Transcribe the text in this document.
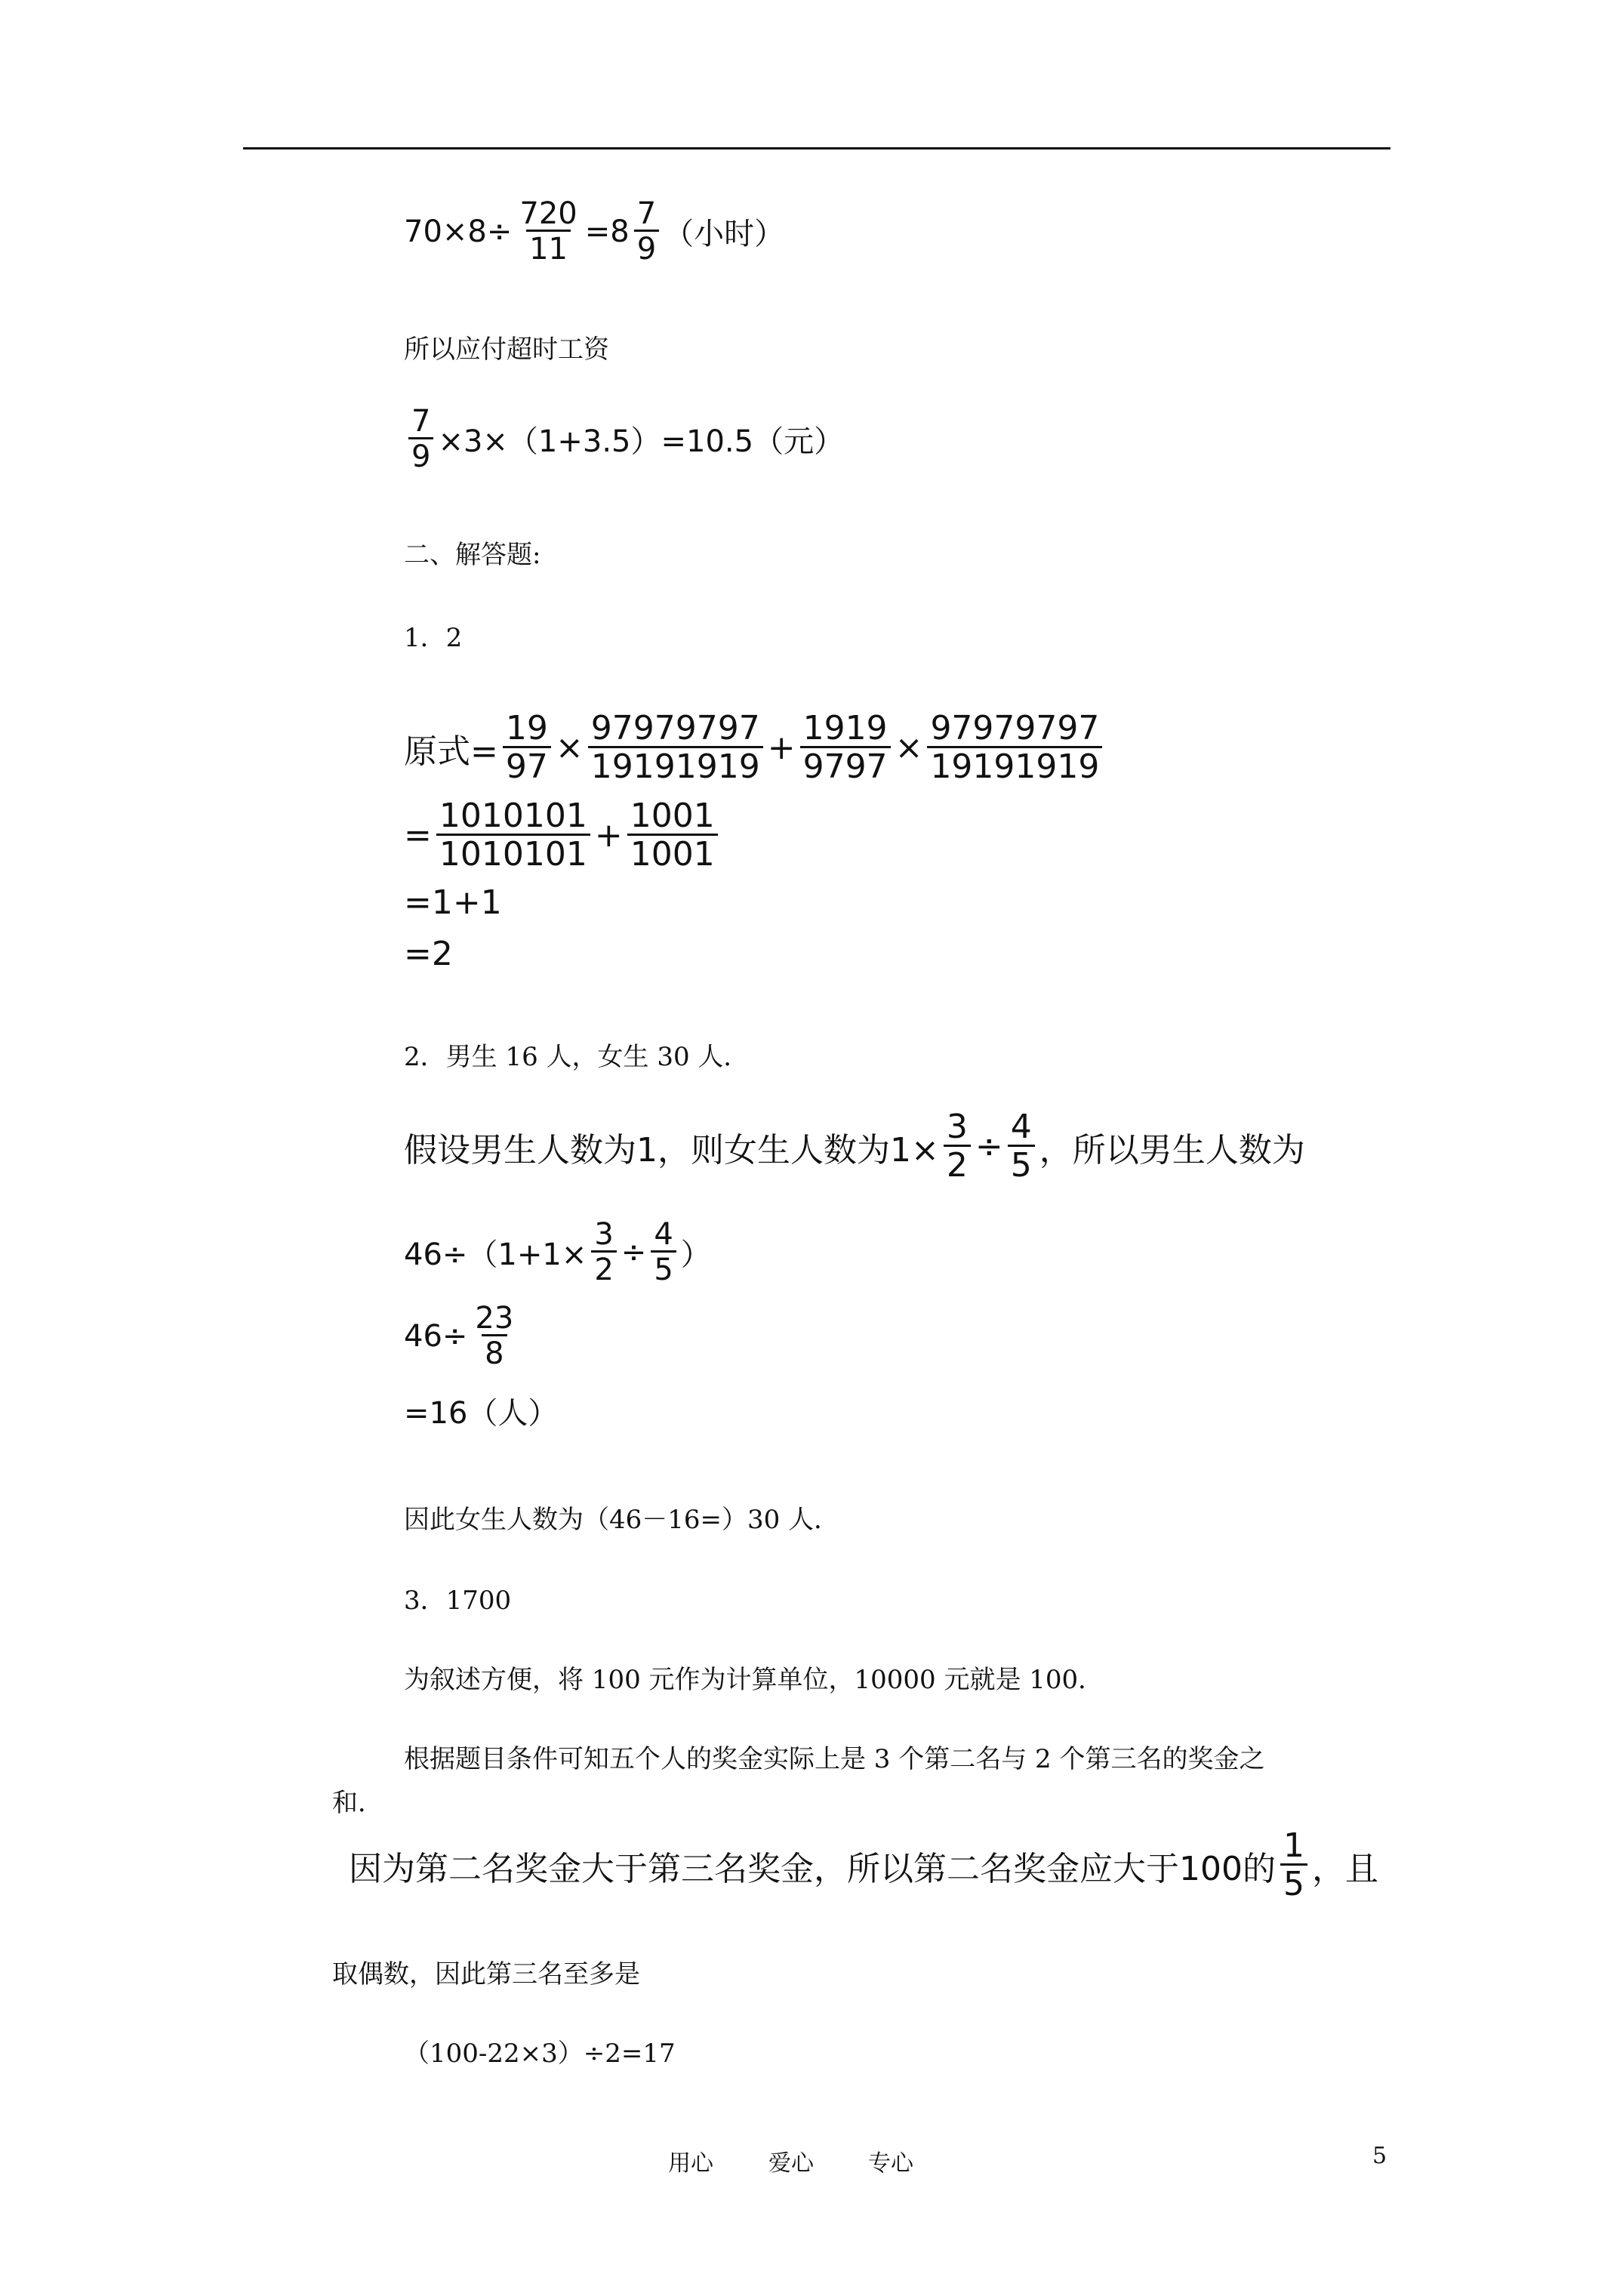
$70\times 8\div \frac{720}{11} =8 \frac{7}{9}$ （小时）
所以应付超时工资
$\frac{7}{9} \times 3\times(1+3.5)=10.5$（元）
二、解答题:
1．2
原式= $\frac{19}{97} \times \frac{97979797}{19191919} + \frac{1919}{9797} \times \frac{97979797}{19191919}$
= $\frac{1010101}{1010101} + \frac{1001}{1001}$
=1+1
=2
2．男生 16 人，女生 30 人．
假设男生人数为1，则女生人数为$1\times \frac{3}{2} \div \frac{4}{5}$ ，所以男生人数为
$46\div(1+1\times \frac{3}{2} \div \frac{4}{5}$ ）
$46\div \frac{23}{8}$
=16（人）
因此女生人数为（46－16=）30 人．
3．1700
为叙述方便，将 100 元作为计算单位，10000 元就是 100．
根据题目条件可知五个人的奖金实际上是 3 个第二名与 2 个第三名的奖金之
和．
因为第二名奖金大于第三名奖金，所以第二名奖金应大于100的 $\frac{1}{5}$ ，且
取偶数，因此第三名至多是
（100-22×3）÷2=17
用心 爱心 专心	5
